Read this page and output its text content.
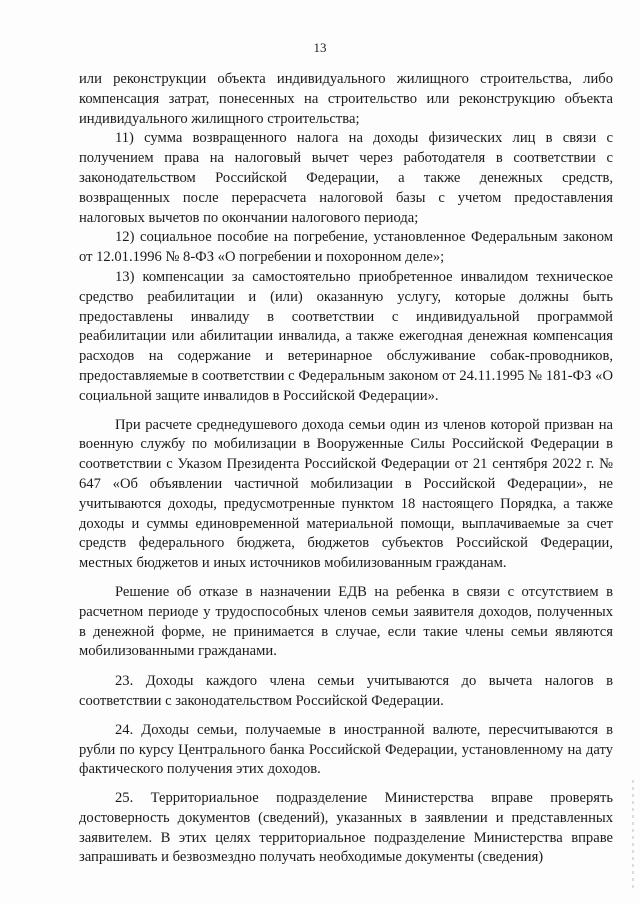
13

или реконструкции объекта индивидуального жилищного строительства, либо компенсация затрат, понесенных на строительство или реконструкцию объекта индивидуального жилищного строительства;

11) сумма возвращенного налога на доходы физических лиц в связи с получением права на налоговый вычет через работодателя в соответствии с законодательством Российской Федерации, а также денежных средств, возвращенных после перерасчета налоговой базы с учетом предоставления налоговых вычетов по окончании налогового периода;

12) социальное пособие на погребение, установленное Федеральным законом от 12.01.1996 № 8-ФЗ «О погребении и похоронном деле»;

13) компенсации за самостоятельно приобретенное инвалидом техническое средство реабилитации и (или) оказанную услугу, которые должны быть предоставлены инвалиду в соответствии с индивидуальной программой реабилитации или абилитации инвалида, а также ежегодная денежная компенсация расходов на содержание и ветеринарное обслуживание собак-проводников, предоставляемые в соответствии с Федеральным законом от 24.11.1995 № 181-ФЗ «О социальной защите инвалидов в Российской Федерации».

При расчете среднедушевого дохода семьи один из членов которой призван на военную службу по мобилизации в Вооруженные Силы Российской Федерации в соответствии с Указом Президента Российской Федерации от 21 сентября 2022 г. № 647 «Об объявлении частичной мобилизации в Российской Федерации», не учитываются доходы, предусмотренные пунктом 18 настоящего Порядка, а также доходы и суммы единовременной материальной помощи, выплачиваемые за счет средств федерального бюджета, бюджетов субъектов Российской Федерации, местных бюджетов и иных источников мобилизованным гражданам.

Решение об отказе в назначении ЕДВ на ребенка в связи с отсутствием в расчетном периоде у трудоспособных членов семьи заявителя доходов, полученных в денежной форме, не принимается в случае, если такие члены семьи являются мобилизованными гражданами.

23. Доходы каждого члена семьи учитываются до вычета налогов в соответствии с законодательством Российской Федерации.

24. Доходы семьи, получаемые в иностранной валюте, пересчитываются в рубли по курсу Центрального банка Российской Федерации, установленному на дату фактического получения этих доходов.

25. Территориальное подразделение Министерства вправе проверять достоверность документов (сведений), указанных в заявлении и представленных заявителем. В этих целях территориальное подразделение Министерства вправе запрашивать и безвозмездно получать необходимые документы (сведения)
